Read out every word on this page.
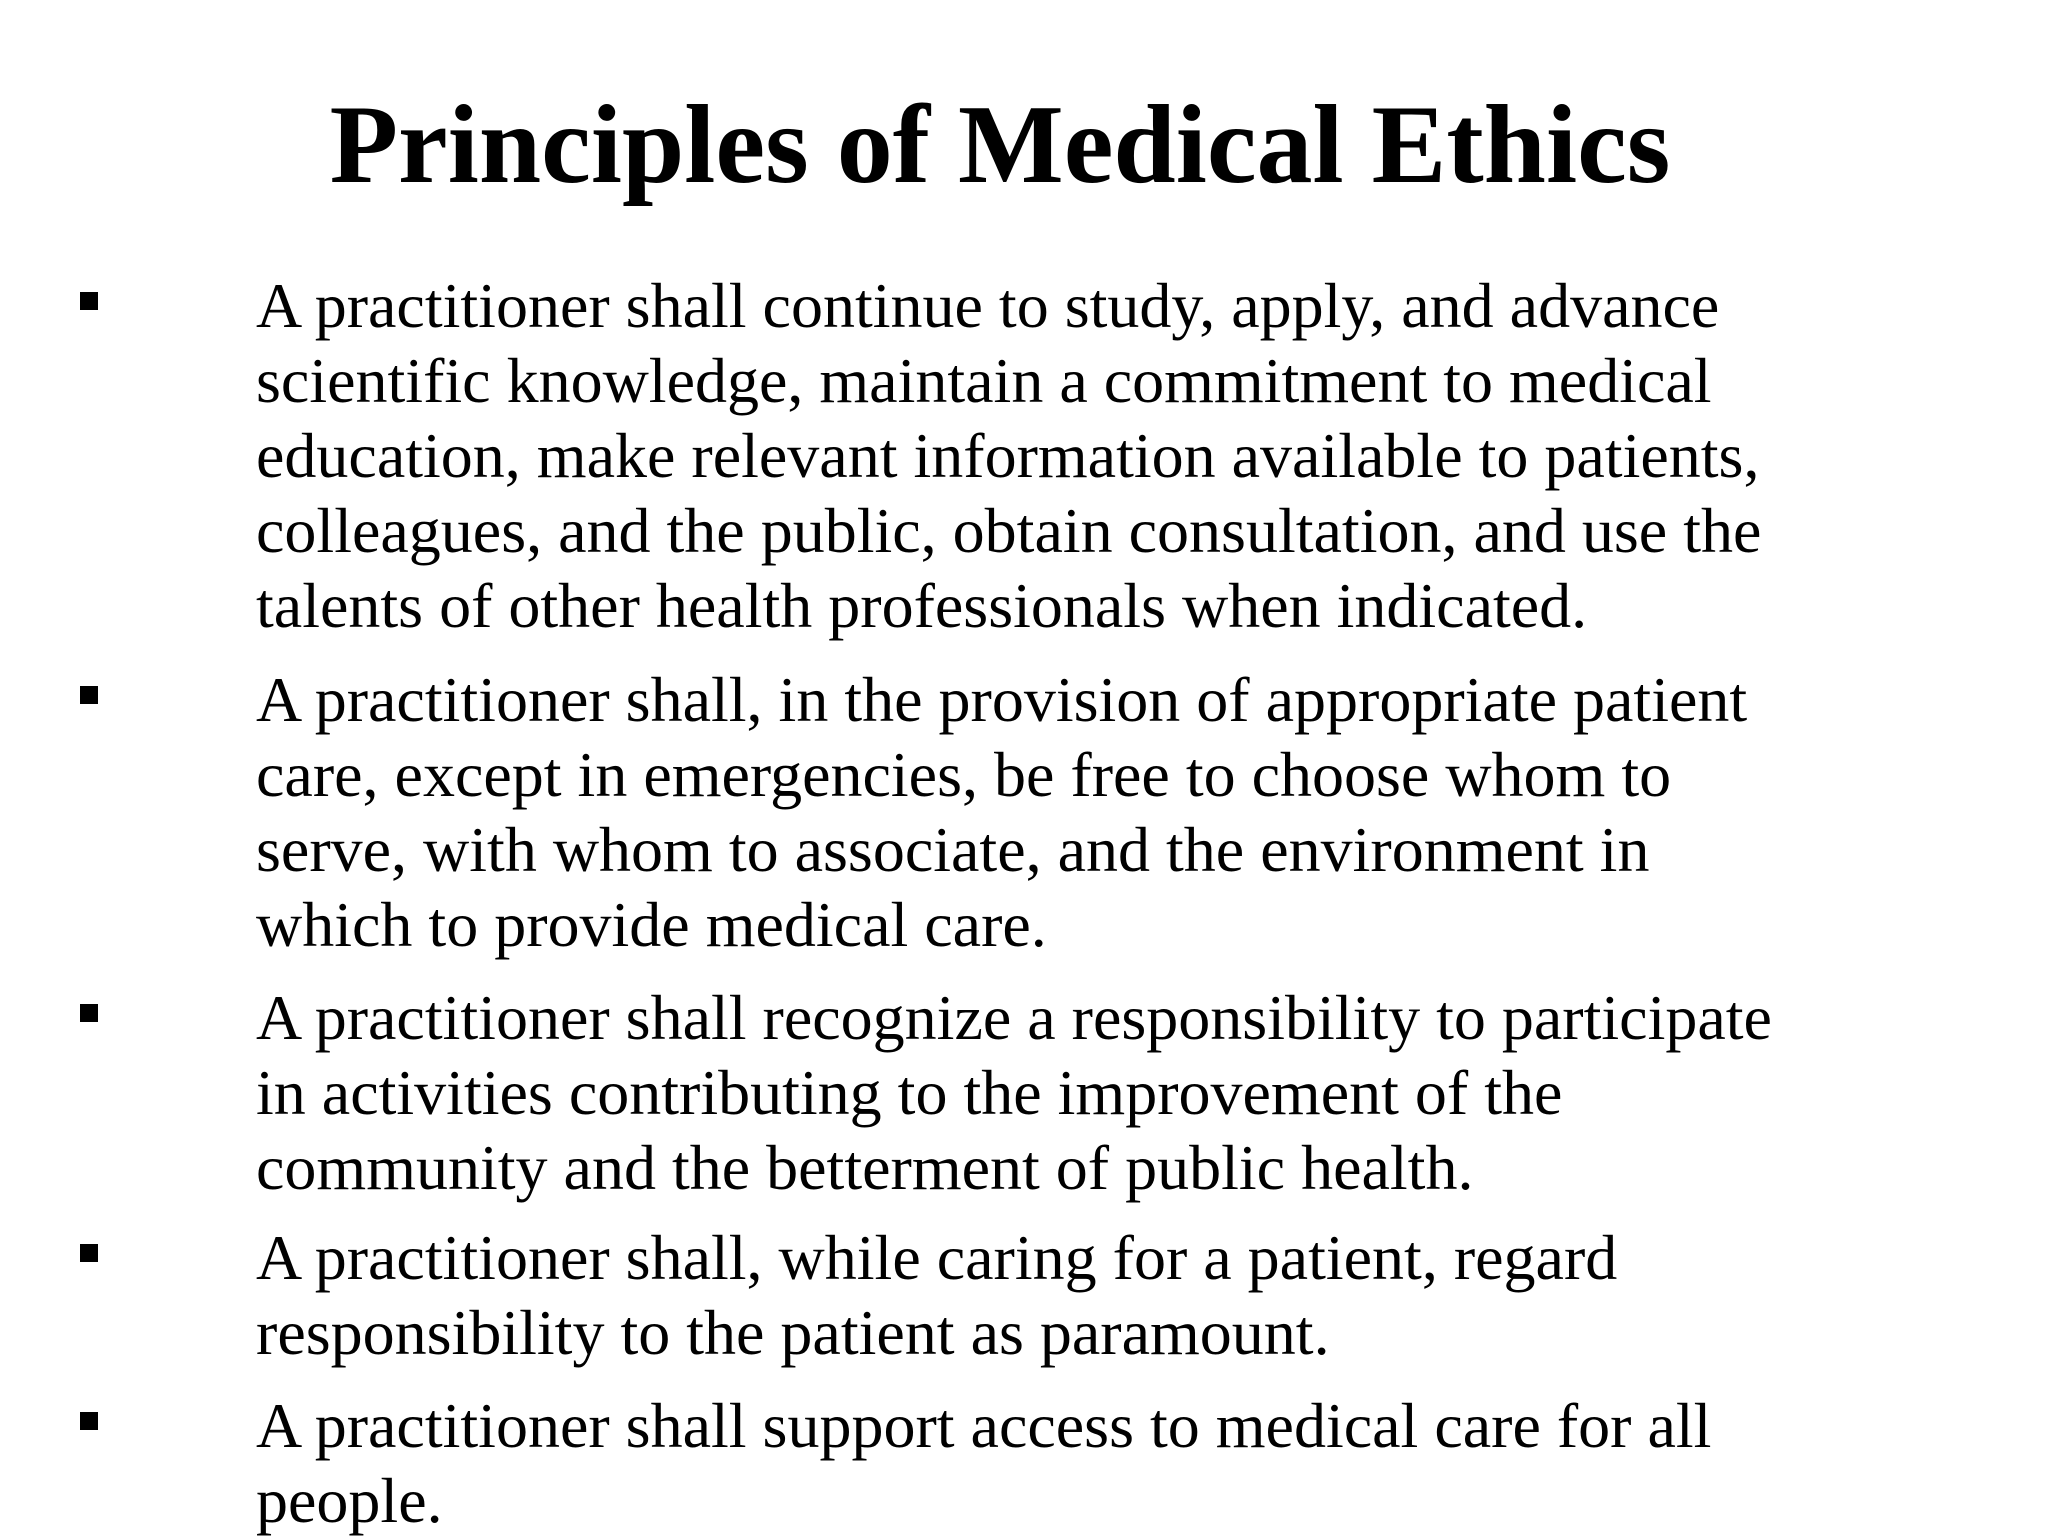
Principles of Medical Ethics

A practitioner shall continue to study, apply, and advance
scientific knowledge, maintain a commitment to medical
education, make relevant information available to patients,
colleagues, and the public, obtain consultation, and use the
talents of other health professionals when indicated.

A practitioner shall, in the provision of appropriate patient
care, except in emergencies, be free to choose whom to
serve, with whom to associate, and the environment in
which to provide medical care.

A practitioner shall recognize a responsibility to participate
in activities contributing to the improvement of the
community and the betterment of public health.

A practitioner shall, while caring for a patient, regard
responsibility to the patient as paramount.

A practitioner shall support access to medical care for all
people.
